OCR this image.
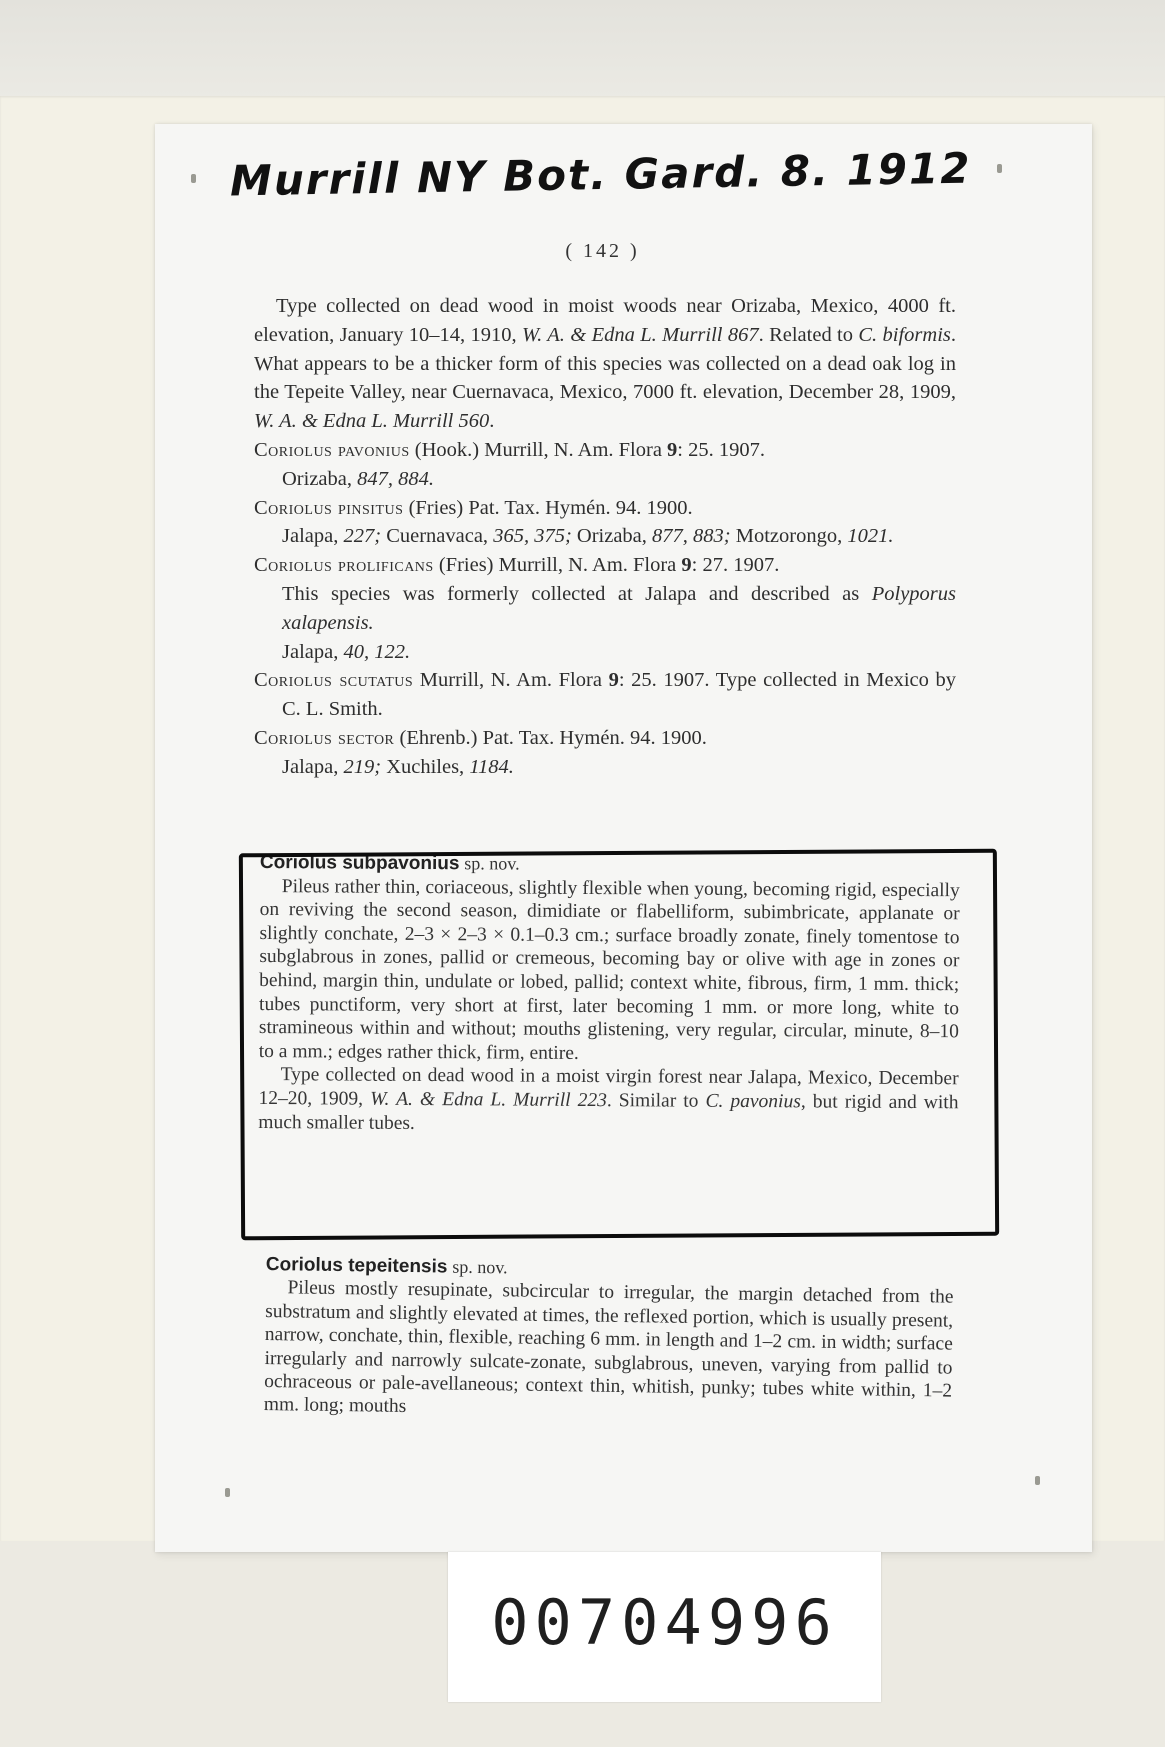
Murrill NY Bot. Gard. 8. 1912

( 142 )

Type collected on dead wood in moist woods near Orizaba, Mexico, 4000 ft. elevation, January 10–14, 1910, W. A. & Edna L. Murrill 867. Related to C. biformis. What appears to be a thicker form of this species was collected on a dead oak log in the Tepeite Valley, near Cuernavaca, Mexico, 7000 ft. elevation, December 28, 1909, W. A. & Edna L. Murrill 560.

Coriolus pavonius (Hook.) Murrill, N. Am. Flora 9: 25. 1907.

Orizaba, 847, 884.

Coriolus pinsitus (Fries) Pat. Tax. Hymén. 94. 1900.

Jalapa, 227; Cuernavaca, 365, 375; Orizaba, 877, 883; Motzorongo, 1021.

Coriolus prolificans (Fries) Murrill, N. Am. Flora 9: 27. 1907.

This species was formerly collected at Jalapa and described as Polyporus xalapensis.

Jalapa, 40, 122.

Coriolus scutatus Murrill, N. Am. Flora 9: 25. 1907. Type collected in Mexico by C. L. Smith.

Coriolus sector (Ehrenb.) Pat. Tax. Hymén. 94. 1900.

Jalapa, 219; Xuchiles, 1184.

Coriolus subpavonius sp. nov.

Pileus rather thin, coriaceous, slightly flexible when young, becoming rigid, especially on reviving the second season, dimidiate or flabelliform, subimbricate, applanate or slightly conchate, 2–3 × 2–3 × 0.1–0.3 cm.; surface broadly zonate, finely tomentose to subglabrous in zones, pallid or cremeous, becoming bay or olive with age in zones or behind, margin thin, undulate or lobed, pallid; context white, fibrous, firm, 1 mm. thick; tubes punctiform, very short at first, later becoming 1 mm. or more long, white to stramineous within and without; mouths glistening, very regular, circular, minute, 8–10 to a mm.; edges rather thick, firm, entire.

Type collected on dead wood in a moist virgin forest near Jalapa, Mexico, December 12–20, 1909, W. A. & Edna L. Murrill 223. Similar to C. pavonius, but rigid and with much smaller tubes.

Coriolus tepeitensis sp. nov.

Pileus mostly resupinate, subcircular to irregular, the margin detached from the substratum and slightly elevated at times, the reflexed portion, which is usually present, narrow, conchate, thin, flexible, reaching 6 mm. in length and 1–2 cm. in width; surface irregularly and narrowly sulcate-zonate, subglabrous, uneven, varying from pallid to ochraceous or pale-avellaneous; context thin, whitish, punky; tubes white within, 1–2 mm. long; mouths

00704996
